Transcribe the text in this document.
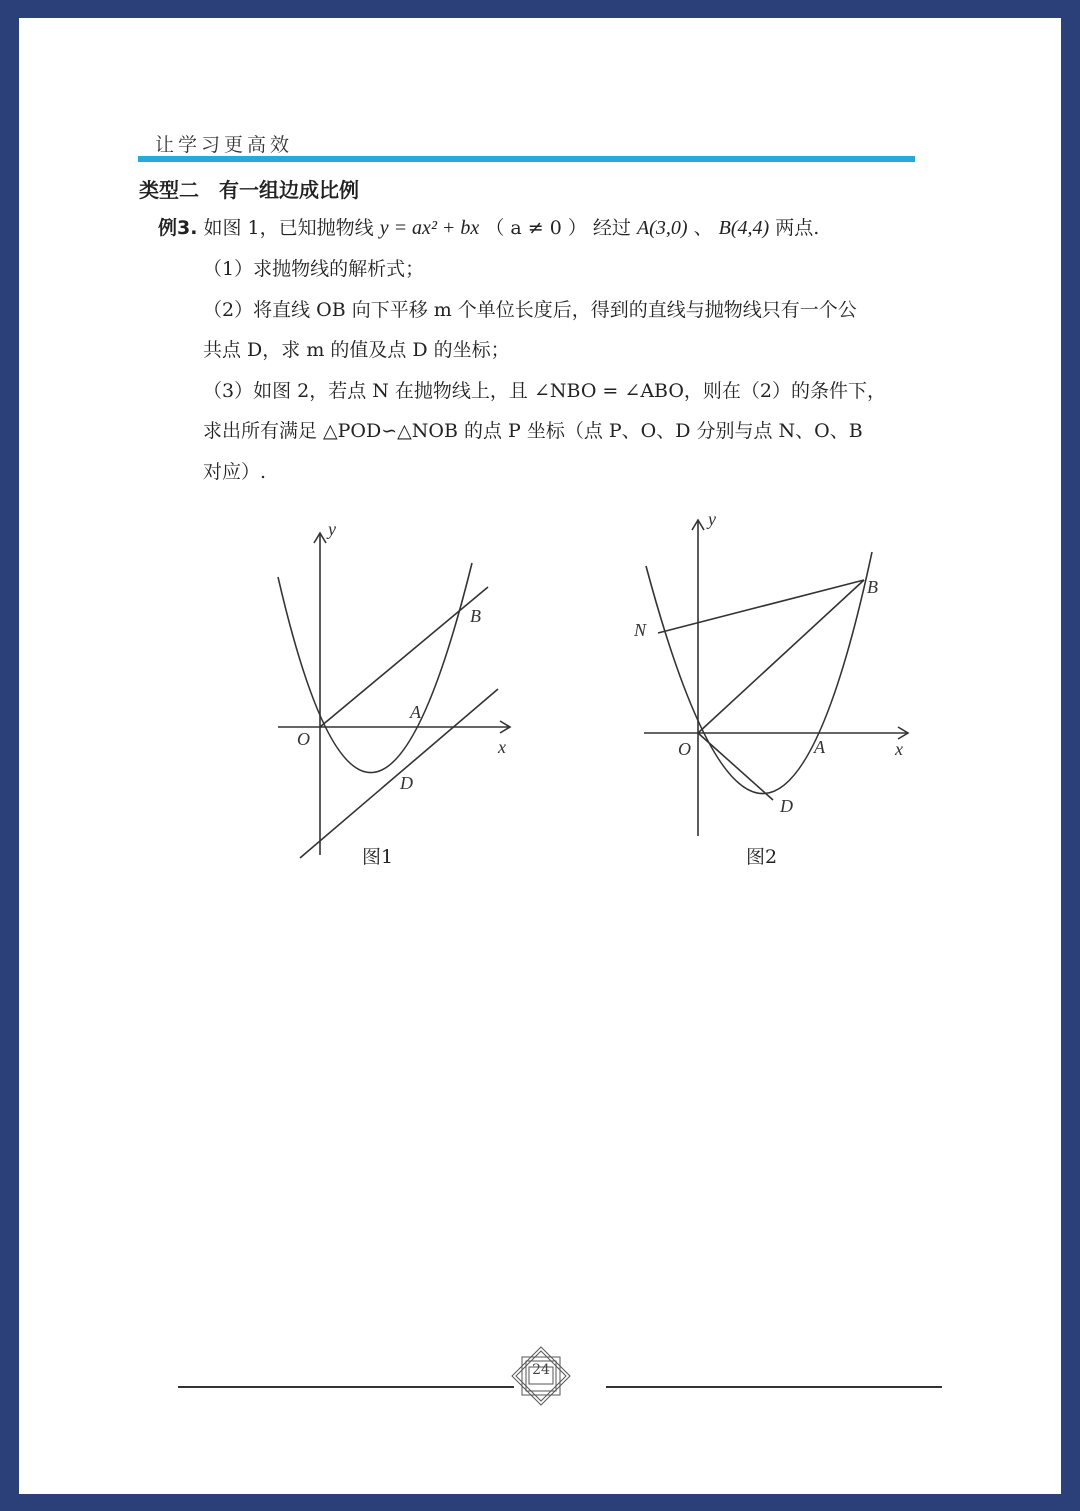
让学习更高效
类型二　有一组边成比例
例3. 如图 1，已知抛物线 y = ax² + bx （ a ≠ 0 ） 经过 A(3,0) 、 B(4,4) 两点.
（1）求抛物线的解析式；
（2）将直线 OB 向下平移 m 个单位长度后，得到的直线与抛物线只有一个公
共点 D，求 m 的值及点 D 的坐标；
（3）如图 2，若点 N 在抛物线上，且 ∠NBO = ∠ABO，则在（2）的条件下，
求出所有满足 △POD∽△NOB 的点 P 坐标（点 P、O、D 分别与点 N、O、B
对应）.
y
x
O
A
B
D
图1
y
x
O	A
B
D
N
图2
24
